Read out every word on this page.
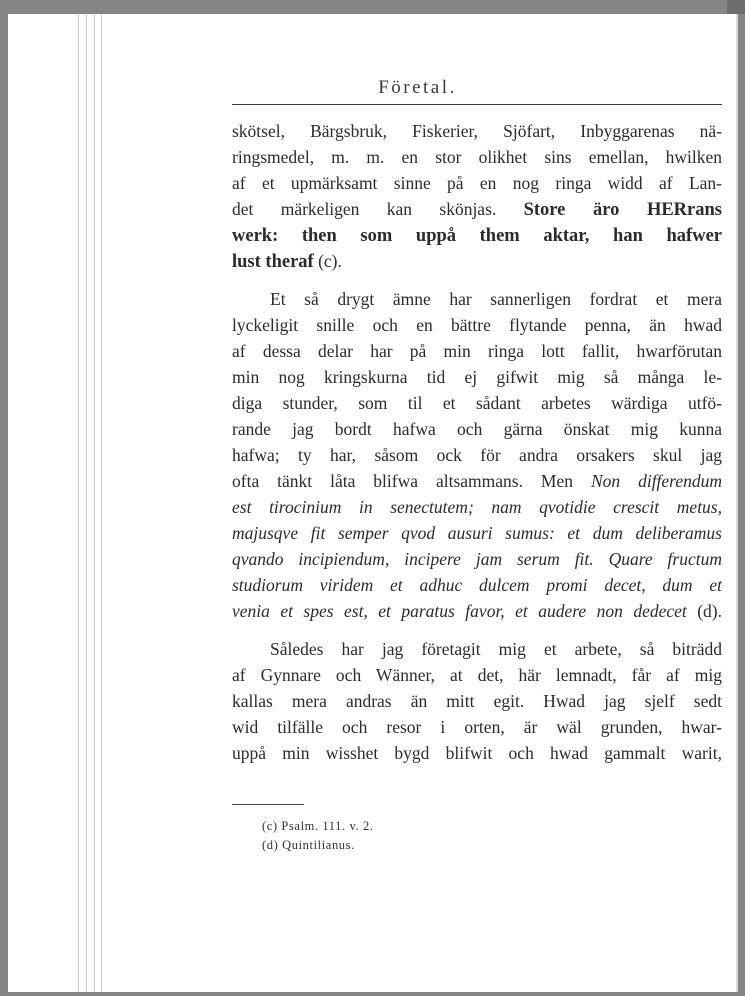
Företal.
skötsel, Bärgsbruk, Fiskerier, Sjöfart, Inbyggarenas nä-
ringsmedel, m. m. en stor olikhet sins emellan, hwilken
af et upmärksamt sinne på en nog ringa widd af Lan-
det märkeligen kan skönjas. Store äro HERrans
werk: then som uppå them aktar, han hafwer
lust theraf (c).
Et så drygt ämne har sannerligen fordrat et mera
lyckeligit snille och en bättre flytande penna, än hwad
af dessa delar har på min ringa lott fallit, hwarförutan
min nog kringskurna tid ej gifwit mig så många le-
diga stunder, som til et sådant arbetes wärdiga utfö-
rande jag bordt hafwa och gärna önskat mig kunna
hafwa; ty har, såsom ock för andra orsakers skul jag
ofta tänkt låta blifwa altsammans. Men Non differendum
est tirocinium in senectutem; nam qvotidie crescit metus,
majusqve fit semper qvod ausuri sumus: et dum deliberamus
qvando incipiendum, incipere jam serum fit. Quare fructum
studiorum viridem et adhuc dulcem promi decet, dum et
venia et spes est, et paratus favor, et audere non dedecet (d).
Således har jag företagit mig et arbete, så biträdd
af Gynnare och Wänner, at det, här lemnadt, får af mig
kallas mera andras än mitt egit. Hwad jag sjelf sedt
wid tilfälle och resor i orten, är wäl grunden, hwar-
uppå min wisshet bygd blifwit och hwad gammalt warit,
(c) Psalm. 111. v. 2.
(d) Quintilianus.
